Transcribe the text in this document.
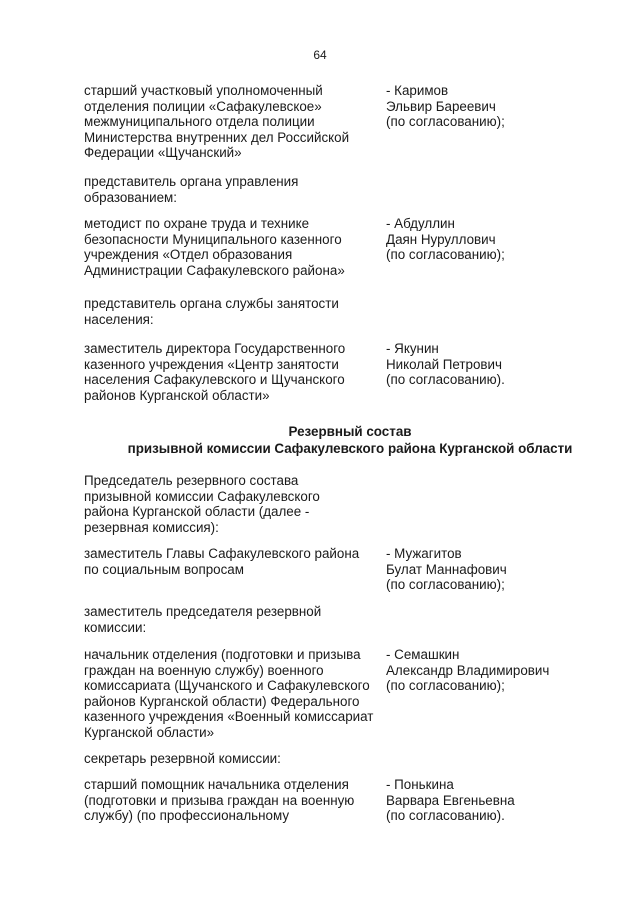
64
старший участковый уполномоченный
отделения полиции «Сафакулевское»
межмуниципального отдела полиции
Министерства внутренних дел Российской
Федерации «Щучанский»
- Каримов
Эльвир Бареевич
(по согласованию);
представитель органа управления
образованием:
методист по охране труда и технике
безопасности Муниципального казенного
учреждения «Отдел образования
Администрации Сафакулевского района»
- Абдуллин
Даян Нуруллович
(по согласованию);
представитель органа службы занятости
населения:
заместитель директора Государственного
казенного учреждения «Центр занятости
населения Сафакулевского и Щучанского
районов Курганской области»
- Якунин
Николай Петрович
(по согласованию).
Резервный состав
призывной комиссии Сафакулевского района Курганской области
Председатель резервного состава
призывной комиссии Сафакулевского
района Курганской области (далее -
резервная комиссия):
заместитель Главы Сафакулевского района
по социальным вопросам
- Мужагитов
Булат Маннафович
(по согласованию);
заместитель председателя резервной
комиссии:
начальник отделения (подготовки и призыва
граждан на военную службу) военного
комиссариата (Щучанского и Сафакулевского
районов Курганской области) Федерального
казенного учреждения «Военный комиссариат
Курганской области»
- Семашкин
Александр Владимирович
(по согласованию);
секретарь резервной комиссии:
старший помощник начальника отделения
(подготовки и призыва граждан на военную
службу) (по профессиональному
- Понькина
Варвара Евгеньевна
(по согласованию).
